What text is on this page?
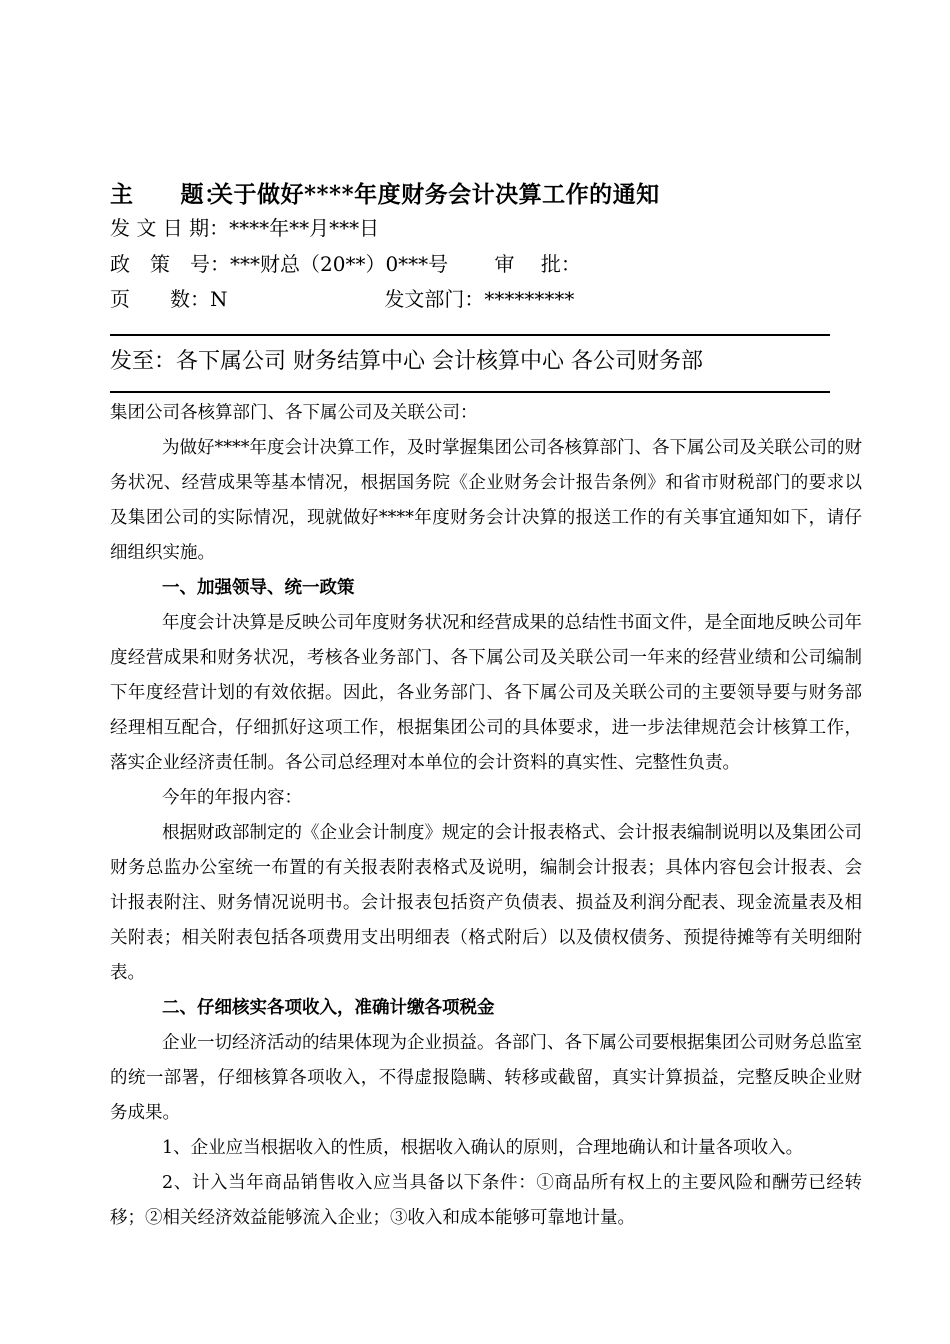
主　　题：关于做好****年度财务会计决算工作的通知
发 文 日 期：****年**月***日
政　策　号：***财总（20**）0***号 审　 批：
页　　数：N	发文部门：*********
发至：各下属公司 财务结算中心 会计核算中心 各公司财务部

集团公司各核算部门、各下属公司及关联公司：

为做好****年度会计决算工作，及时掌握集团公司各核算部门、各下属公司及关联公司的财务状况、经营成果等基本情况，根据国务院《企业财务会计报告条例》和省市财税部门的要求以及集团公司的实际情况，现就做好****年度财务会计决算的报送工作的有关事宜通知如下，请仔细组织实施。

一、加强领导、统一政策

年度会计决算是反映公司年度财务状况和经营成果的总结性书面文件，是全面地反映公司年度经营成果和财务状况，考核各业务部门、各下属公司及关联公司一年来的经营业绩和公司编制下年度经营计划的有效依据。因此，各业务部门、各下属公司及关联公司的主要领导要与财务部经理相互配合，仔细抓好这项工作，根据集团公司的具体要求，进一步法律规范会计核算工作，落实企业经济责任制。各公司总经理对本单位的会计资料的真实性、完整性负责。

今年的年报内容：

根据财政部制定的《企业会计制度》规定的会计报表格式、会计报表编制说明以及集团公司财务总监办公室统一布置的有关报表附表格式及说明，编制会计报表；具体内容包会计报表、会计报表附注、财务情况说明书。会计报表包括资产负债表、损益及利润分配表、现金流量表及相关附表；相关附表包括各项费用支出明细表（格式附后）以及债权债务、预提待摊等有关明细附表。

二、仔细核实各项收入，准确计缴各项税金

企业一切经济活动的结果体现为企业损益。各部门、各下属公司要根据集团公司财务总监室的统一部署，仔细核算各项收入，不得虚报隐瞒、转移或截留，真实计算损益，完整反映企业财务成果。

1、企业应当根据收入的性质，根据收入确认的原则，合理地确认和计量各项收入。

2、计入当年商品销售收入应当具备以下条件：①商品所有权上的主要风险和酬劳已经转移；②相关经济效益能够流入企业；③收入和成本能够可靠地计量。
